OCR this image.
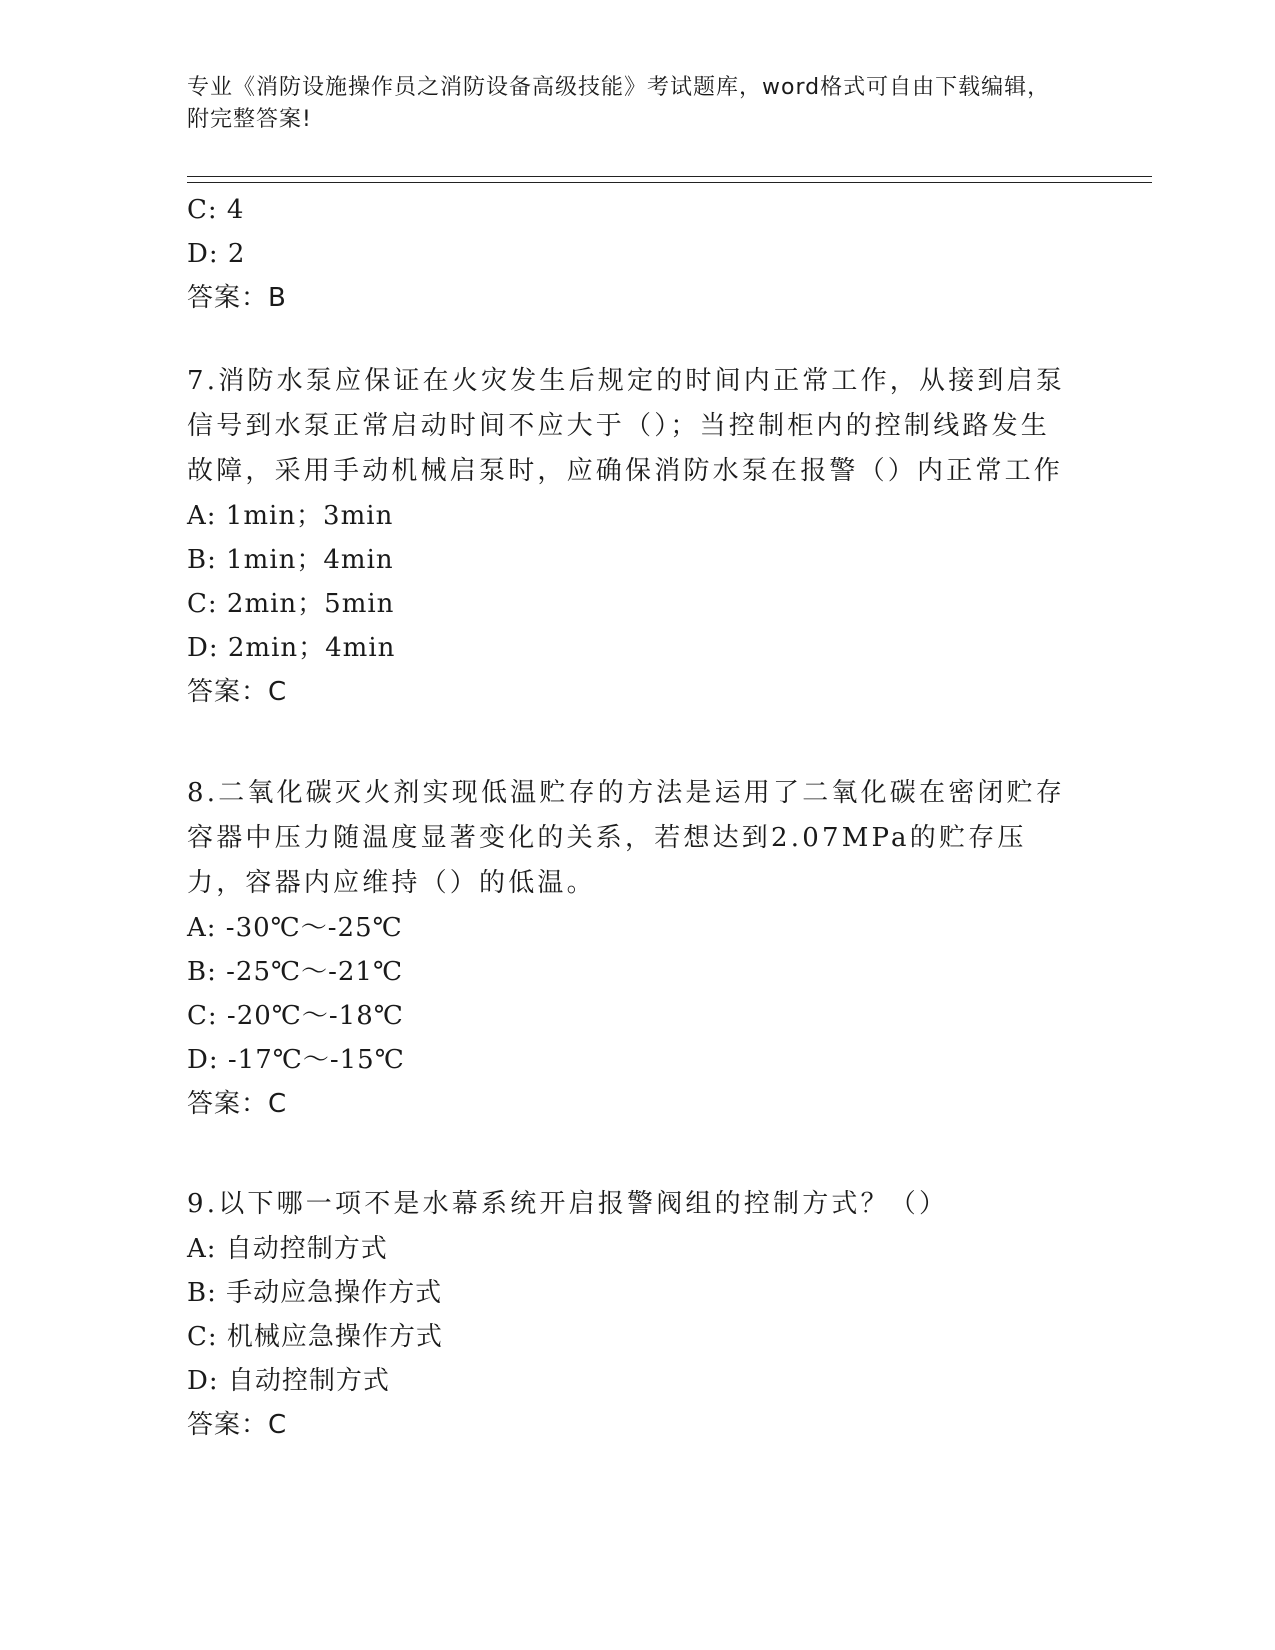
专业《消防设施操作员之消防设备高级技能》考试题库，word格式可自由下载编辑，附完整答案!
C: 4
D: 2
答案：B
7.消防水泵应保证在火灾发生后规定的时间内正常工作，从接到启泵信号到水泵正常启动时间不应大于（）；当控制柜内的控制线路发生故障，采用手动机械启泵时，应确保消防水泵在报警（）内正常工作
A: 1min；3min
B: 1min；4min
C: 2min；5min
D: 2min；4min
答案：C
8.二氧化碳灭火剂实现低温贮存的方法是运用了二氧化碳在密闭贮存容器中压力随温度显著变化的关系，若想达到2.07MPa的贮存压力，容器内应维持（）的低温。
A: -30℃～-25℃
B: -25℃～-21℃
C: -20℃～-18℃
D: -17℃～-15℃
答案：C
9.以下哪一项不是水幕系统开启报警阀组的控制方式？（）
A: 自动控制方式
B: 手动应急操作方式
C: 机械应急操作方式
D: 自动控制方式
答案：C
